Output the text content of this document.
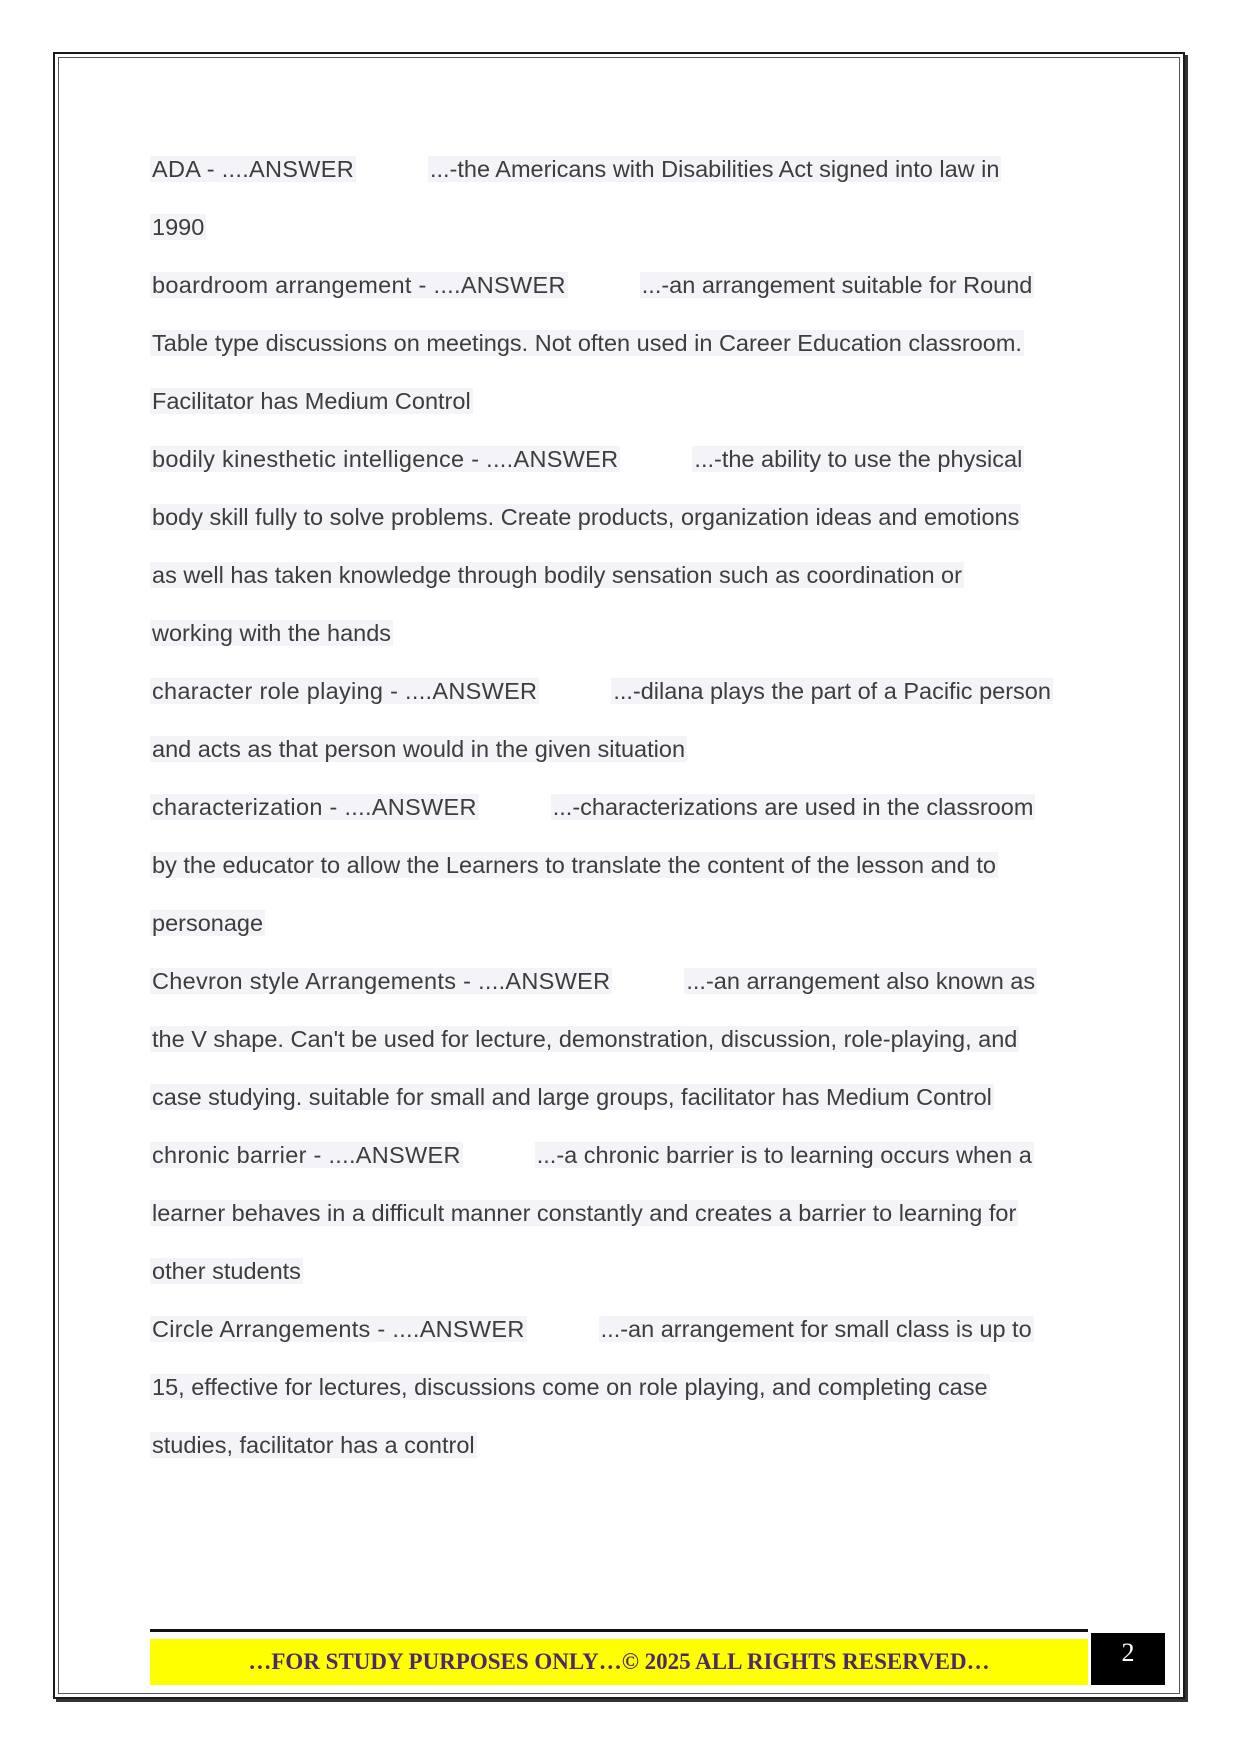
ADA - ....ANSWER	...-the Americans with Disabilities Act signed into law in
1990
boardroom arrangement - ....ANSWER	...-an arrangement suitable for Round
Table type discussions on meetings. Not often used in Career Education classroom.
Facilitator has Medium Control
bodily kinesthetic intelligence - ....ANSWER	...-the ability to use the physical
body skill fully to solve problems. Create products, organization ideas and emotions
as well has taken knowledge through bodily sensation such as coordination or
working with the hands
character role playing - ....ANSWER	...-dilana plays the part of a Pacific person
and acts as that person would in the given situation
characterization - ....ANSWER	...-characterizations are used in the classroom
by the educator to allow the Learners to translate the content of the lesson and to
personage
Chevron style Arrangements - ....ANSWER	...-an arrangement also known as
the V shape. Can't be used for lecture, demonstration, discussion, role-playing, and
case studying. suitable for small and large groups, facilitator has Medium Control
chronic barrier - ....ANSWER	...-a chronic barrier is to learning occurs when a
learner behaves in a difficult manner constantly and creates a barrier to learning for
other students
Circle Arrangements - ....ANSWER	...-an arrangement for small class is up to
15, effective for lectures, discussions come on role playing, and completing case
studies, facilitator has a control
…FOR STUDY PURPOSES ONLY…© 2025 ALL RIGHTS RESERVED…	2
